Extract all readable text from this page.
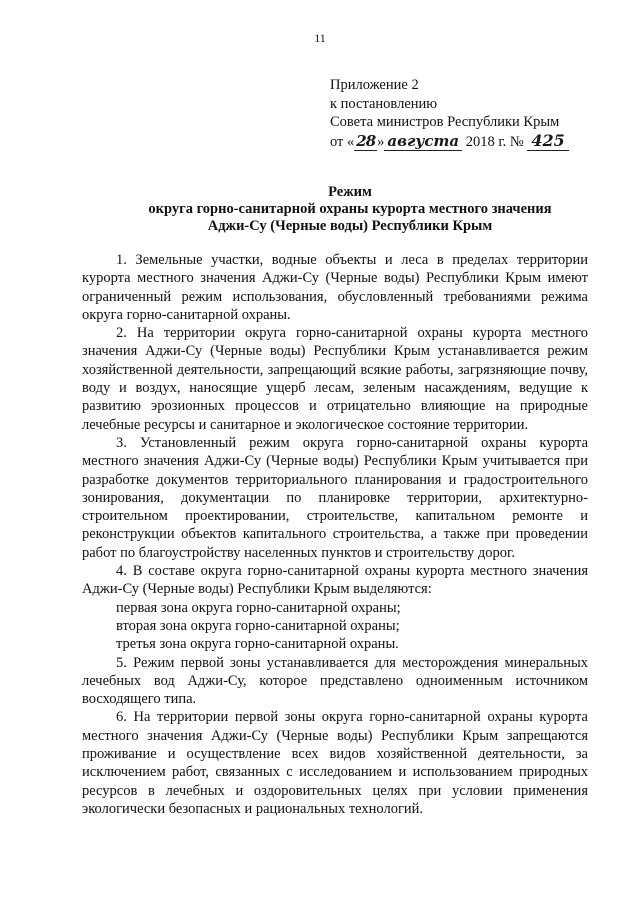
11
Приложение 2
к постановлению
Совета министров Республики Крым
от « 28 » августа 2018 г. № 425
Режим
округа горно-санитарной охраны курорта местного значения
Аджи-Су (Черные воды) Республики Крым

1. Земельные участки, водные объекты и леса в пределах территории курорта местного значения Аджи-Су (Черные воды) Республики Крым имеют ограниченный режим использования, обусловленный требованиями режима округа горно-санитарной охраны.

2. На территории округа горно-санитарной охраны курорта местного значения Аджи-Су (Черные воды) Республики Крым устанавливается режим хозяйственной деятельности, запрещающий всякие работы, загрязняющие почву, воду и воздух, наносящие ущерб лесам, зеленым насаждениям, ведущие к развитию эрозионных процессов и отрицательно влияющие на природные лечебные ресурсы и санитарное и экологическое состояние территории.

3. Установленный режим округа горно-санитарной охраны курорта местного значения Аджи-Су (Черные воды) Республики Крым учитывается при разработке документов территориального планирования и градостроительного зонирования, документации по планировке территории, архитектурно-строительном проектировании, строительстве, капитальном ремонте и реконструкции объектов капитального строительства, а также при проведении работ по благоустройству населенных пунктов и строительству дорог.

4. В составе округа горно-санитарной охраны курорта местного значения Аджи-Су (Черные воды) Республики Крым выделяются:

первая зона округа горно-санитарной охраны;
вторая зона округа горно-санитарной охраны;
третья зона округа горно-санитарной охраны.

5. Режим первой зоны устанавливается для месторождения минеральных лечебных вод Аджи-Су, которое представлено одноименным источником восходящего типа.

6. На территории первой зоны округа горно-санитарной охраны курорта местного значения Аджи-Су (Черные воды) Республики Крым запрещаются проживание и осуществление всех видов хозяйственной деятельности, за исключением работ, связанных с исследованием и использованием природных ресурсов в лечебных и оздоровительных целях при условии применения экологически безопасных и рациональных технологий.
